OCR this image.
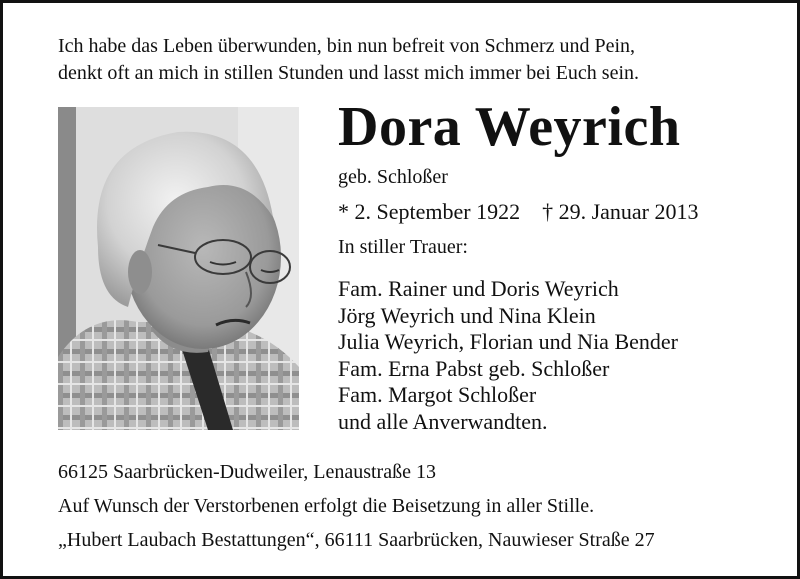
Ich habe das Leben überwunden, bin nun befreit von Schmerz und Pein,
denkt oft an mich in stillen Stunden und lasst mich immer bei Euch sein.
Dora Weyrich
geb. Schloßer
* 2. September 1922 † 29. Januar 2013
In stiller Trauer:
Fam. Rainer und Doris Weyrich
Jörg Weyrich und Nina Klein
Julia Weyrich, Florian und Nia Bender
Fam. Erna Pabst geb. Schloßer
Fam. Margot Schloßer
und alle Anverwandten.
66125 Saarbrücken-Dudweiler, Lenaustraße 13
Auf Wunsch der Verstorbenen erfolgt die Beisetzung in aller Stille.
„Hubert Laubach Bestattungen“, 66111 Saarbrücken, Nauwieser Straße 27
